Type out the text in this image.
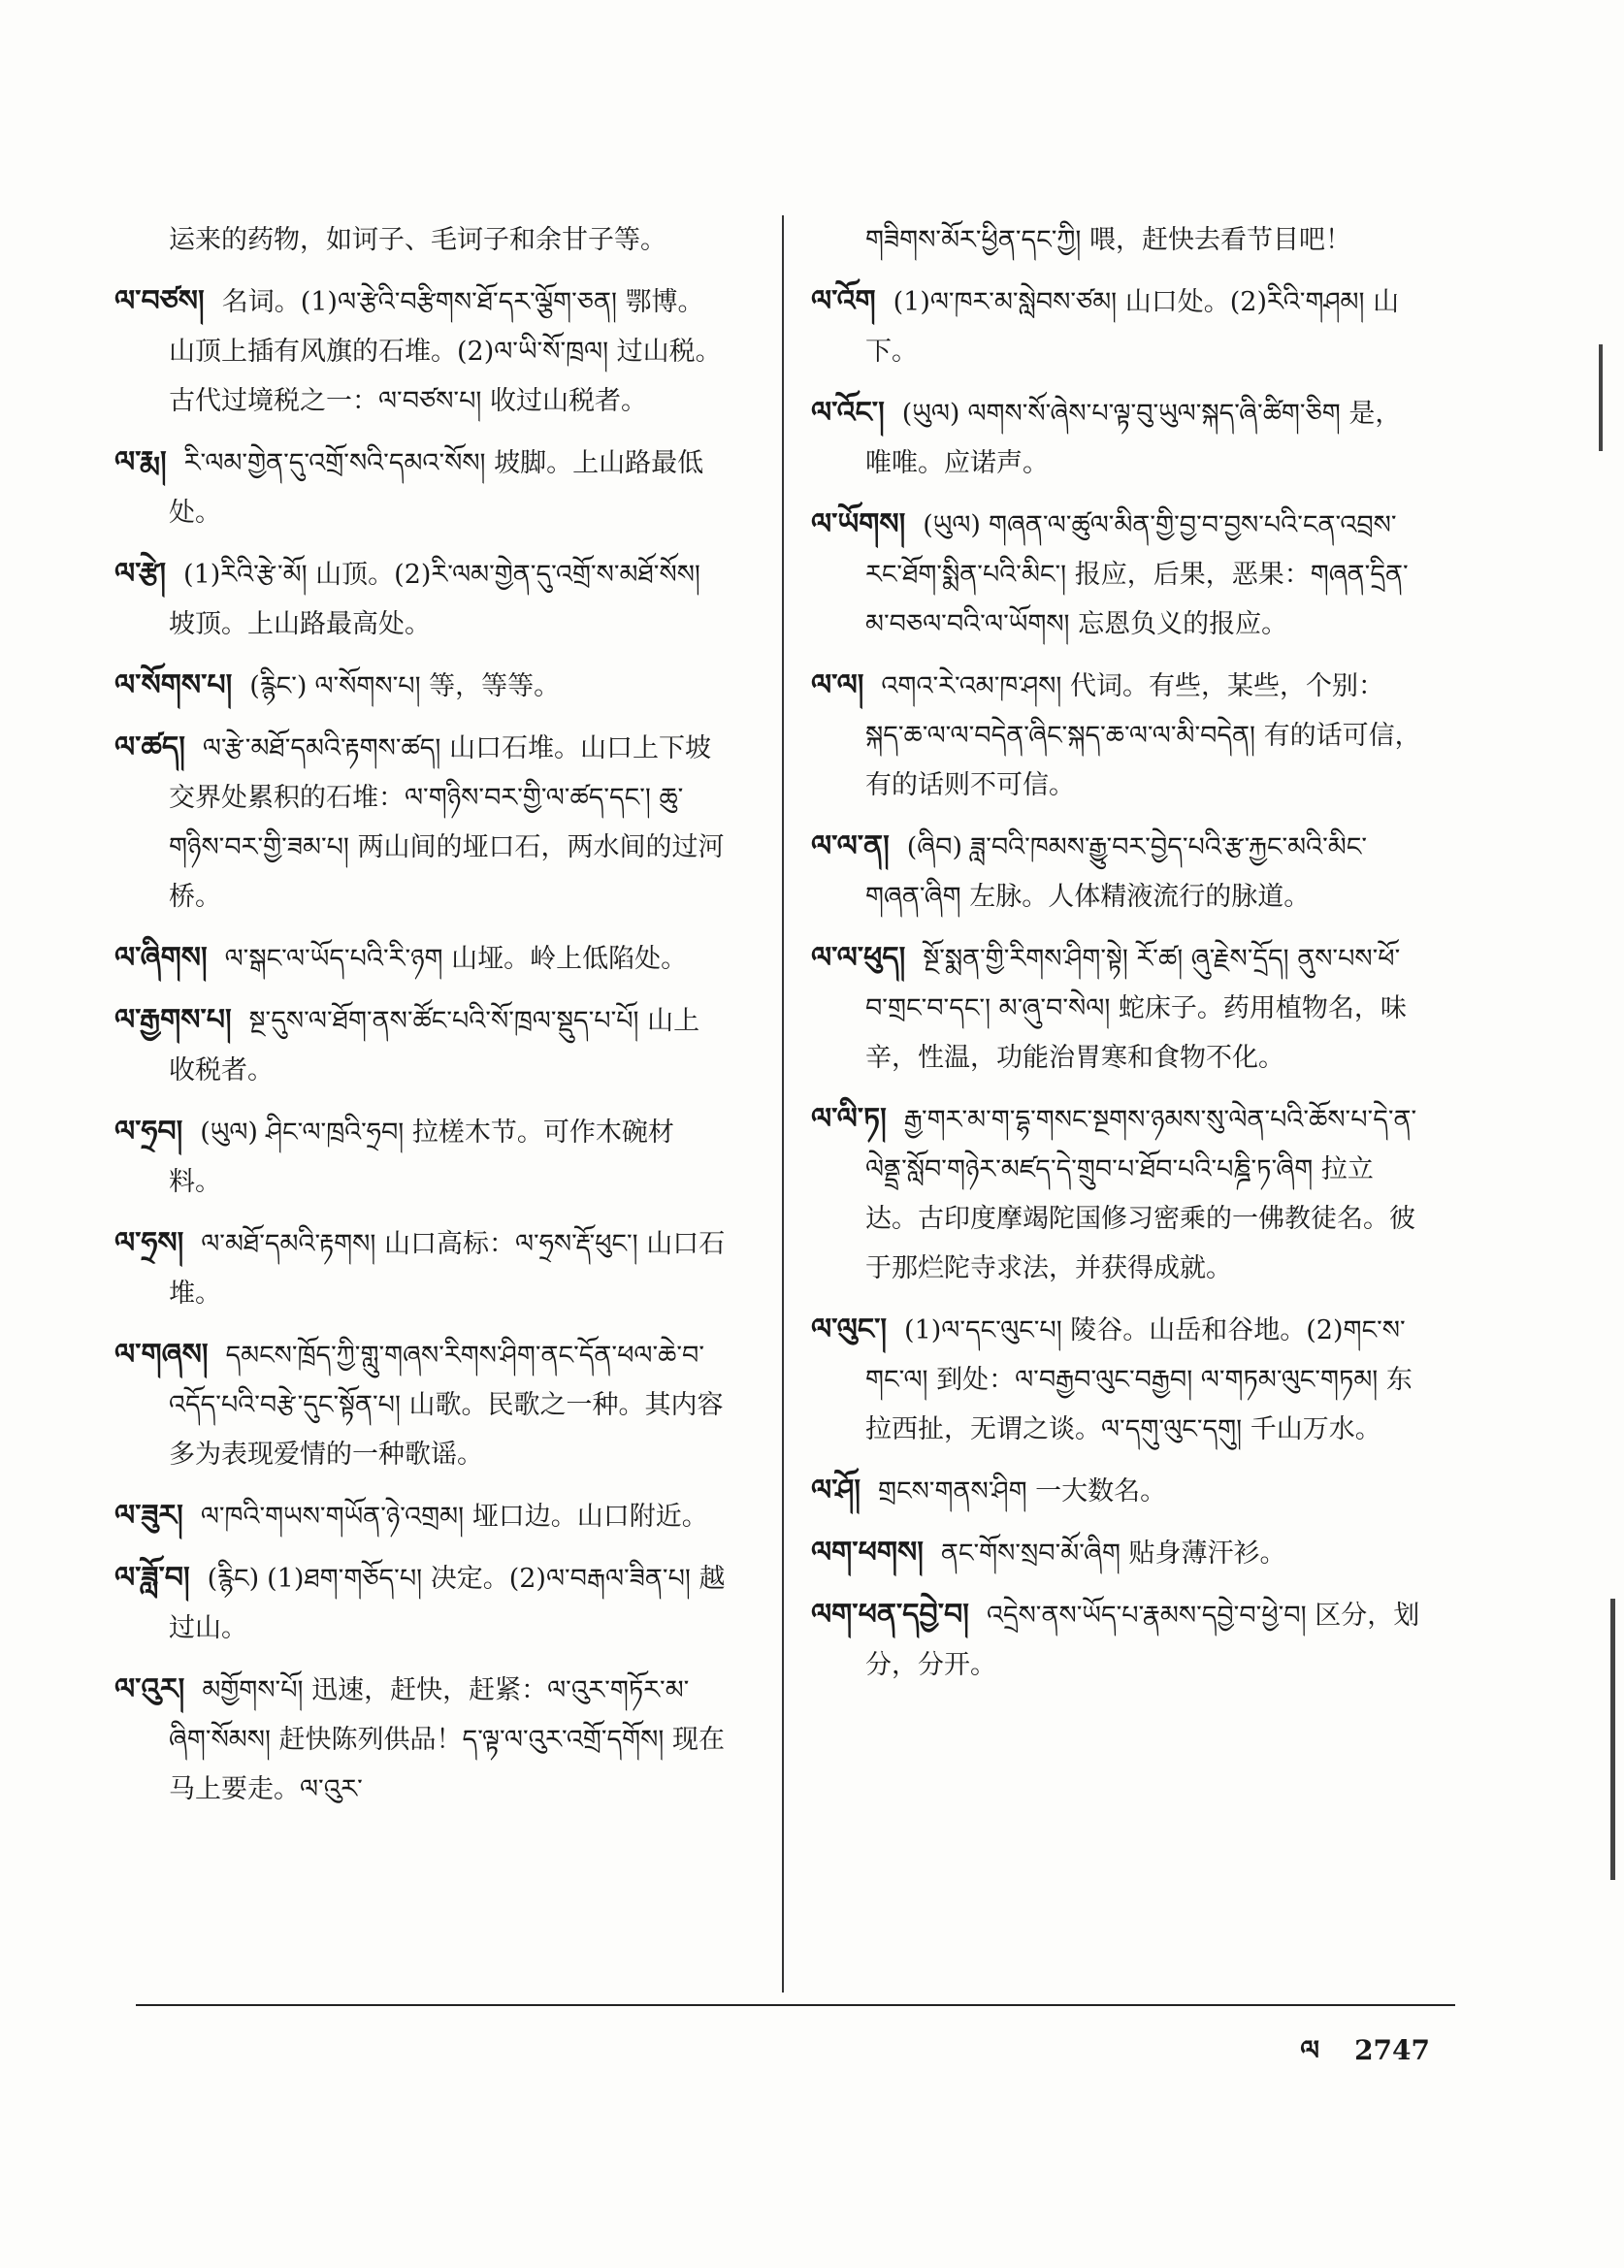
运来的药物，如诃子、毛诃子和余甘子等。
ལ་བཙས། 名词。(1)ལ་རྩེའི་བརྩིགས་ཐོ་དར་ལྕོག་ཅན། 鄂博。山顶上插有风旗的石堆。(2)ལ་ཡི་སོ་ཁྲལ། 过山税。古代过境税之一：ལ་བཙས་པ། 收过山税者。
ལ་རྨ། རི་ལམ་གྱེན་དུ་འགྲོ་སའི་དམའ་སོས། 坡脚。上山路最低处。
ལ་རྩེ། (1)རིའི་རྩེ་མོ། 山顶。(2)རི་ལམ་གྱེན་དུ་འགྲོ་ས་མཐོ་སོས། 坡顶。上山路最高处。
ལ་སོགས་པ། (རྙིང་) ལ་སོགས་པ། 等，等等。
ལ་ཚད། ལ་རྩེ་མཐོ་དམའི་རྟགས་ཚད། 山口石堆。山口上下坡交界处累积的石堆：ལ་གཉིས་བར་གྱི་ལ་ཚད་དང་། ཆུ་གཉིས་བར་གྱི་ཟམ་པ། 两山间的垭口石，两水间的过河桥。
ལ་ཞིགས། ལ་སྒང་ལ་ཡོད་པའི་རི་ཉག 山垭。岭上低陷处。
ལ་རྒྱགས་པ། སྔ་དུས་ལ་ཐོག་ནས་ཚོང་པའི་སོ་ཁྲལ་སྡུད་པ་པོ། 山上收税者。
ལ་ཧྲབ། (ཡུལ) ཤིང་ལ་ཁྲའི་ཧྲབ། 拉槎木节。可作木碗材料。
ལ་ཧྲས། ལ་མཐོ་དམའི་རྟགས། 山口高标：ལ་ཧྲས་རྡོ་ཕུང་། 山口石堆。
ལ་གཞས། དམངས་ཁྲོད་ཀྱི་གླུ་གཞས་རིགས་ཤིག་ནང་དོན་ཕལ་ཆེ་བ་འདོད་པའི་བརྩེ་དུང་སྟོན་པ། 山歌。民歌之一种。其内容多为表现爱情的一种歌谣。
ལ་ཟུར། ལ་ཁའི་གཡས་གཡོན་ཉེ་འགྲམ། 垭口边。山口附近。
ལ་ཟློ་བ། (རྙིང) (1)ཐག་གཅོད་པ། 决定。(2)ལ་བརྒལ་ཟིན་པ། 越过山。
ལ་འུར། མགྱོགས་པོ། 迅速，赶快，赶紧：ལ་འུར་གཏོར་མ་ཞིག་སོམས། 赶快陈列供品！ད་ལྟ་ལ་འུར་འགྲོ་དགོས། 现在马上要走。ལ་འུར་
གཟིགས་མོར་ཕྱིན་དང་ཀྱི། 喂，赶快去看节目吧！
ལ་འོག (1)ལ་ཁར་མ་སླེབས་ཙམ། 山口处。(2)རིའི་གཤམ། 山下。
ལ་འོང་། (ཡུལ) ལགས་སོ་ཞེས་པ་ལྟ་བུ་ཡུལ་སྐད་ཞི་ཚིག་ཅིག 是，唯唯。应诺声。
ལ་ཡོགས། (ཡུལ) གཞན་ལ་ཚུལ་མིན་གྱི་བྱ་བ་བྱས་པའི་ངན་འབྲས་རང་ཐོག་སྨིན་པའི་མིང་། 报应，后果，恶果：གཞན་དྲིན་མ་བཅལ་བའི་ལ་ཡོགས། 忘恩负义的报应。
ལ་ལ། འགའ་རེ་འམ་ཁ་ཤས། 代词。有些，某些，个别：སྐད་ཆ་ལ་ལ་བདེན་ཞིང་སྐད་ཆ་ལ་ལ་མི་བདེན། 有的话可信，有的话则不可信。
ལ་ལ་ན། (ཞིབ) ཟླ་བའི་ཁམས་རྒྱུ་བར་བྱེད་པའི་རྩ་རྐྱང་མའི་མིང་གཞན་ཞིག 左脉。人体精液流行的脉道。
ལ་ལ་ཕུད། སྔོ་སྨན་གྱི་རིགས་ཤིག་སྟེ། རོ་ཚ། ཞུ་རྗེས་དྲོད། ནུས་པས་ཕོ་བ་གྲང་བ་དང་། མ་ཞུ་བ་སེལ། 蛇床子。药用植物名，味辛，性温，功能治胃寒和食物不化。
ལ་ལི་ཏ། རྒྱ་གར་མ་ག་དྷ་གསང་སྔགས་ཉམས་སུ་ལེན་པའི་ཆོས་པ་དེ་ན་ལེནྡྲ་སློབ་གཉེར་མཛད་དེ་གྲུབ་པ་ཐོབ་པའི་པཎྜི་ཏ་ཞིག 拉立达。古印度摩竭陀国修习密乘的一佛教徒名。彼于那烂陀寺求法，并获得成就。
ལ་ལུང་། (1)ལ་དང་ལུང་པ། 陵谷。山岳和谷地。(2)གང་ས་གང་ལ། 到处：ལ་བརྒྱབ་ལུང་བརྒྱབ། ལ་གཏམ་ལུང་གཏམ། 东拉西扯，无谓之谈。ལ་དགུ་ལུང་དགུ། 千山万水。
ལ་ཤོ། གྲངས་གནས་ཤིག 一大数名。
ལག་ཕགས། ནང་གོས་སྲབ་མོ་ཞིག 贴身薄汗衫。
ལག་ཕན་དབྱེ་བ། འདྲེས་ནས་ཡོད་པ་རྣམས་དབྱེ་བ་ཕྱེ་བ། 区分，划分，分开。
ལ 2747
